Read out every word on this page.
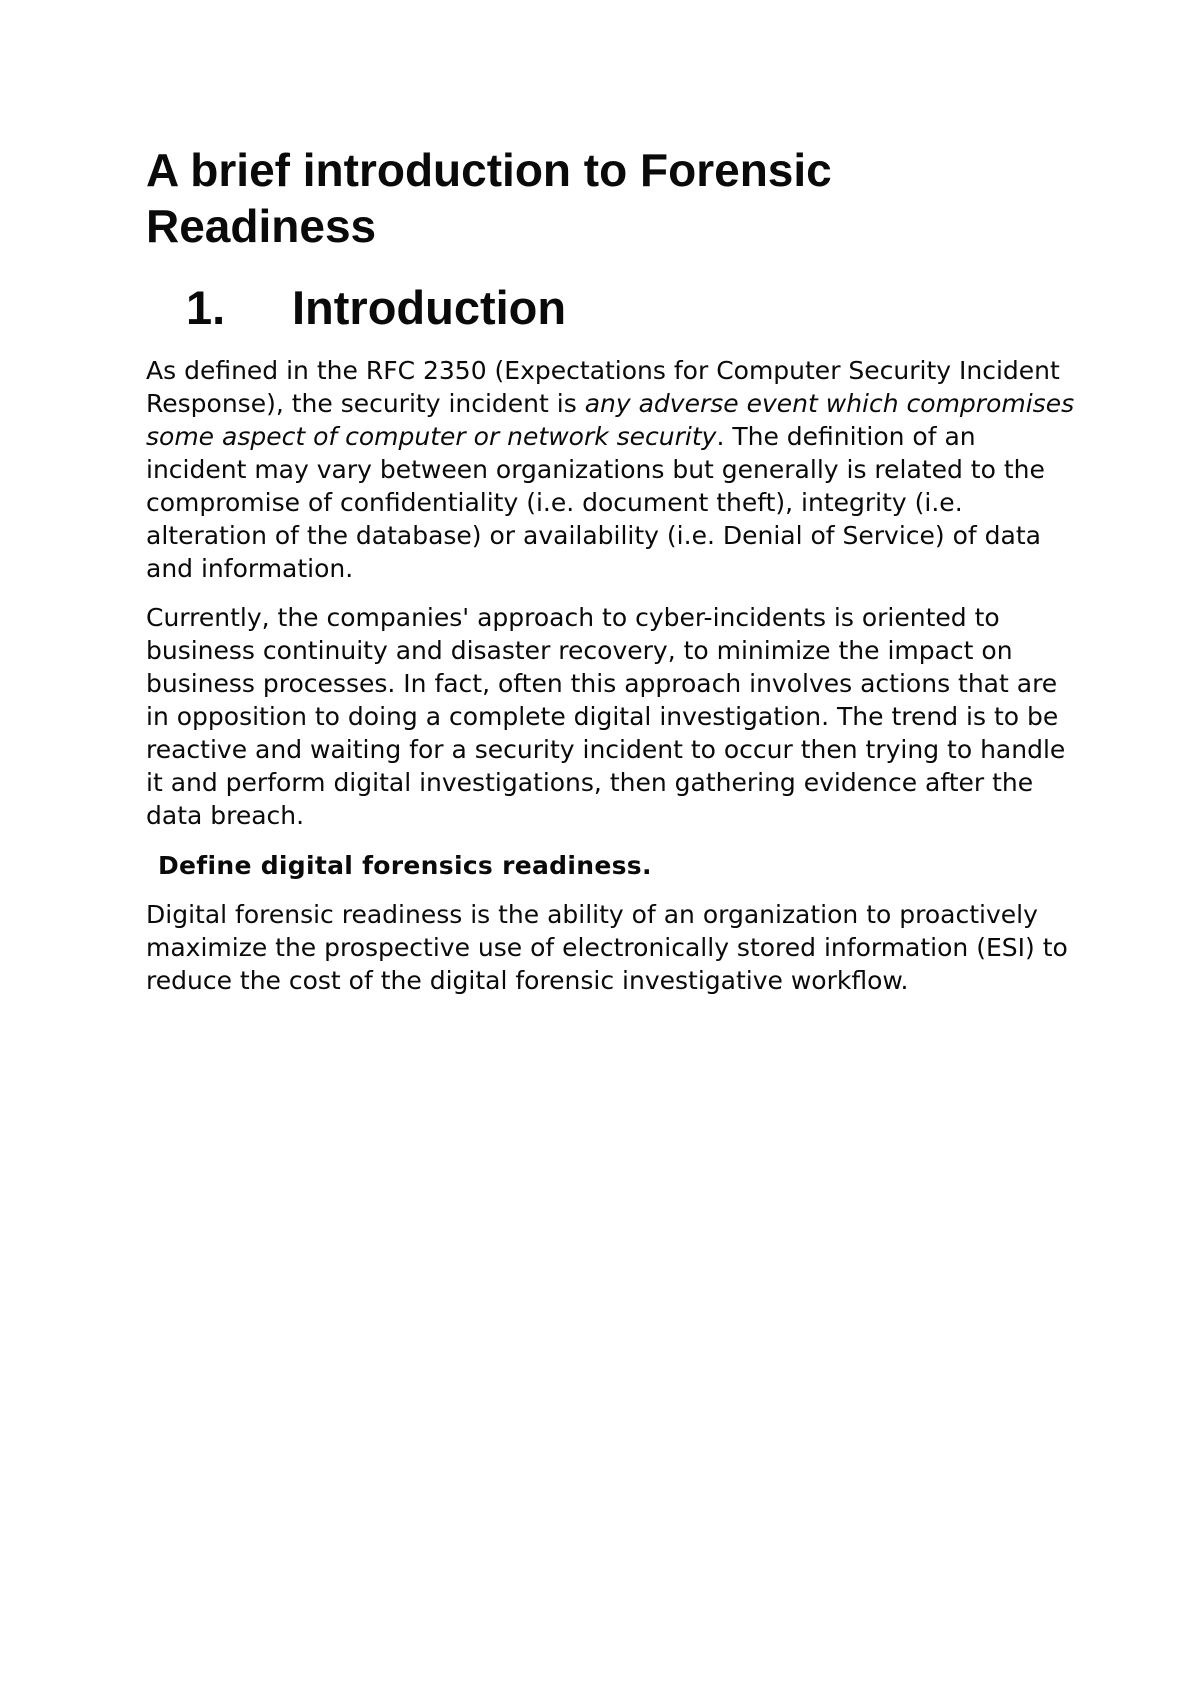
A brief introduction to Forensic Readiness
1.	Introduction

As defined in the RFC 2350 (Expectations for Computer Security Incident Response), the security incident is any adverse event which compromises some aspect of computer or network security. The definition of an incident may vary between organizations but generally is related to the compromise of confidentiality (i.e. document theft), integrity (i.e. alteration of the database) or availability (i.e. Denial of Service) of data and information.

Currently, the companies' approach to cyber-incidents is oriented to business continuity and disaster recovery, to minimize the impact on business processes. In fact, often this approach involves actions that are in opposition to doing a complete digital investigation. The trend is to be reactive and waiting for a security incident to occur then trying to handle it and perform digital investigations, then gathering evidence after the data breach.

Define digital forensics readiness.

Digital forensic readiness is the ability of an organization to proactively maximize the prospective use of electronically stored information (ESI) to reduce the cost of the digital forensic investigative workflow.
